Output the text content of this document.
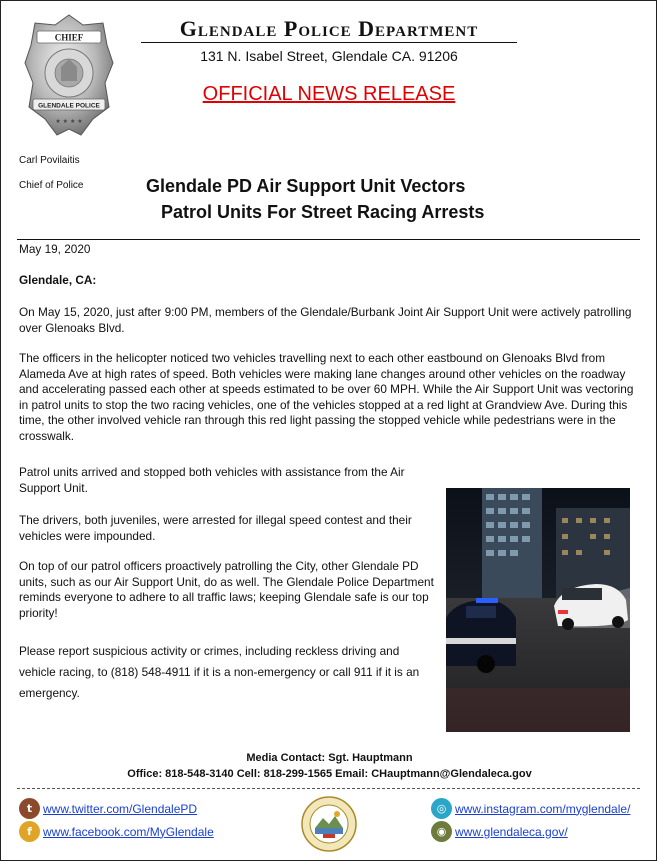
CHIEF
GLENDALE POLICE
★ ★ ★ ★
Glendale Police Department
131 N. Isabel Street, Glendale CA. 91206
OFFICIAL NEWS RELEASE
Carl Povilaitis
Chief of Police	Glendale PD Air Support Unit Vectors
Patrol Units For Street Racing Arrests
May 19, 2020
Glendale, CA:
On May 15, 2020, just after 9:00 PM, members of the Glendale/Burbank Joint Air Support Unit were actively patrolling over Glenoaks Blvd.
The officers in the helicopter noticed two vehicles travelling next to each other eastbound on Glenoaks Blvd from Alameda Ave at high rates of speed. Both vehicles were making lane changes around other vehicles on the roadway and accelerating passed each other at speeds estimated to be over 60 MPH. While the Air Support Unit was vectoring in patrol units to stop the two racing vehicles, one of the vehicles stopped at a red light at Grandview Ave. During this time, the other involved vehicle ran through this red light passing the stopped vehicle while pedestrians were in the crosswalk.
Patrol units arrived and stopped both vehicles with assistance from the Air Support Unit.
The drivers, both juveniles, were arrested for illegal speed contest and their vehicles were impounded.
On top of our patrol officers proactively patrolling the City, other Glendale PD units, such as our Air Support Unit, do as well. The Glendale Police Department reminds everyone to adhere to all traffic laws; keeping Glendale safe is our top priority!
Please report suspicious activity or crimes, including reckless driving and vehicle racing, to (818) 548-4911 if it is a non-emergency or call 911 if it is an emergency.
Media Contact: Sgt. Hauptmann
Office: 818-548-3140 Cell: 818-299-1565 Email: CHauptmann@Glendaleca.gov
t www.twitter.com/GlendalePD
f www.facebook.com/MyGlendale
◎ www.instagram.com/myglendale/
◉ www.glendaleca.gov/
